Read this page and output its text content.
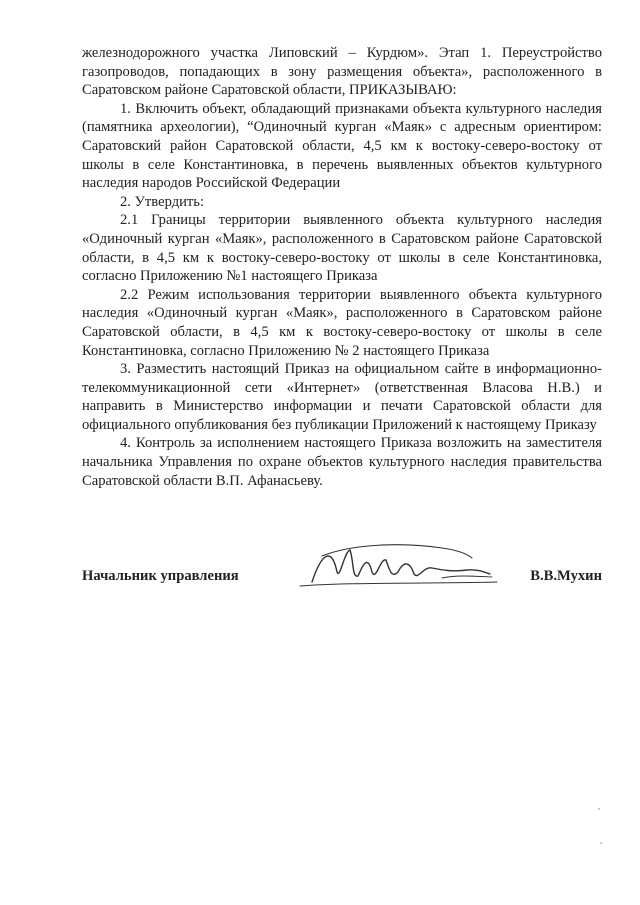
железнодорожного участка Липовский – Курдюм». Этап 1. Переустройство газопроводов, попадающих в зону размещения объекта», расположенного в Саратовском районе Саратовской области, ПРИКАЗЫВАЮ:

1. Включить объект, обладающий признаками объекта культурного наследия (памятника археологии), “Одиночный курган «Маяк» с адресным ориентиром: Саратовский район Саратовской области, 4,5 км к востоку-северо-востоку от школы в селе Константиновка, в перечень выявленных объектов культурного наследия народов Российской Федерации

2. Утвердить:

2.1 Границы территории выявленного объекта культурного наследия «Одиночный курган «Маяк», расположенного в Саратовском районе Саратовской области, в 4,5 км к востоку-северо-востоку от школы в селе Константиновка, согласно Приложению №1 настоящего Приказа

2.2 Режим использования территории выявленного объекта культурного наследия «Одиночный курган «Маяк», расположенного в Саратовском районе Саратовской области, в 4,5 км к востоку-северо-востоку от школы в селе Константиновка, согласно Приложению № 2 настоящего Приказа

3. Разместить настоящий Приказ на официальном сайте в информационно-телекоммуникационной сети «Интернет» (ответственная Власова Н.В.) и направить в Министерство информации и печати Саратовской области для официального опубликования без публикации Приложений к настоящему Приказу

4. Контроль за исполнением настоящего Приказа возложить на заместителя начальника Управления по охране объектов культурного наследия правительства Саратовской области В.П. Афанасьеву.

Начальник управления	В.В.Мухин
